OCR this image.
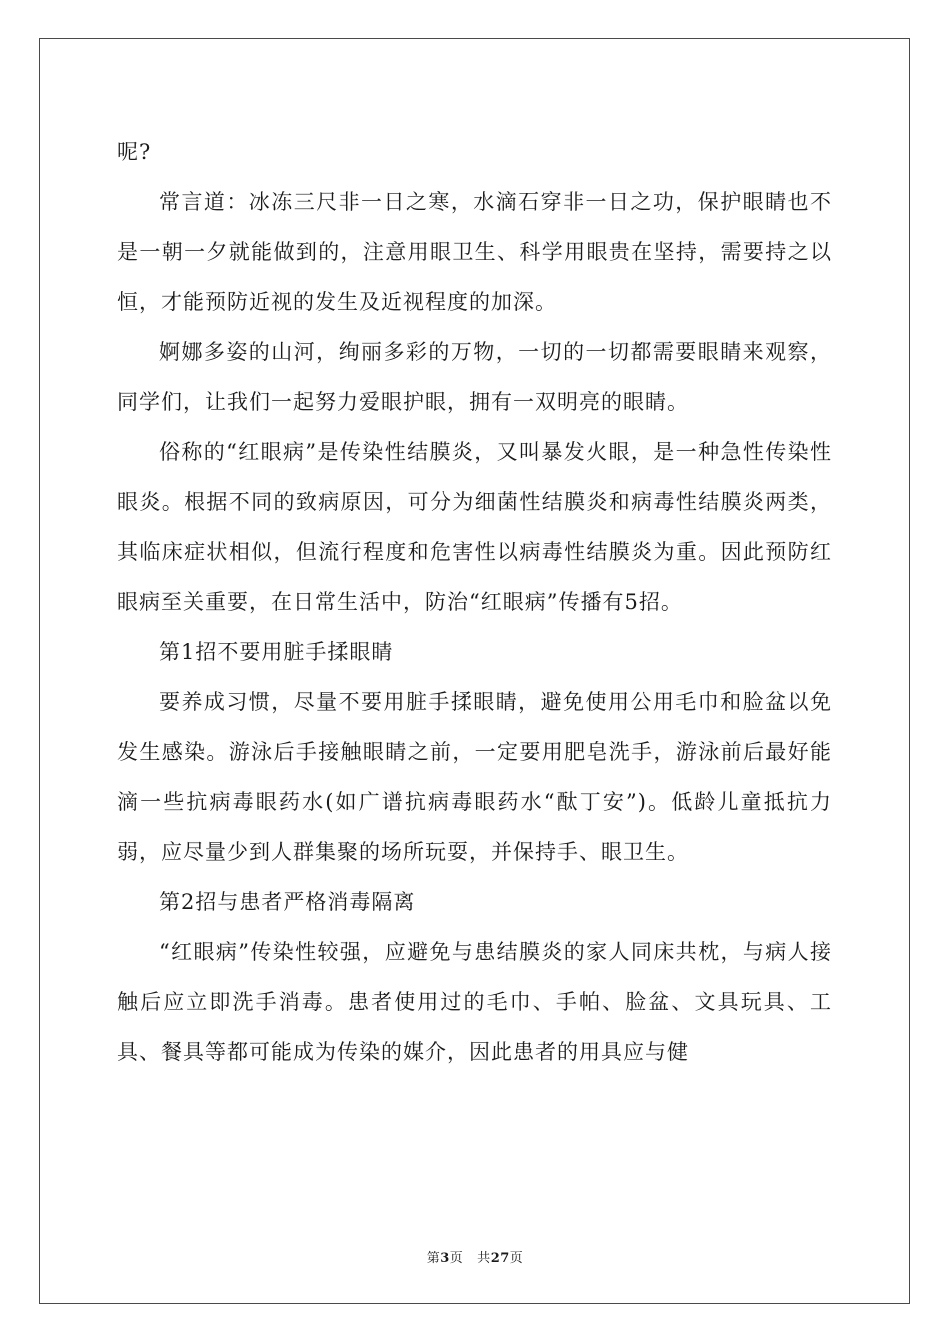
呢?

常言道：冰冻三尺非一日之寒，水滴石穿非一日之功，保护眼睛也不是一朝一夕就能做到的，注意用眼卫生、科学用眼贵在坚持，需要持之以恒，才能预防近视的发生及近视程度的加深。

婀娜多姿的山河，绚丽多彩的万物，一切的一切都需要眼睛来观察，同学们，让我们一起努力爱眼护眼，拥有一双明亮的眼睛。

俗称的“红眼病”是传染性结膜炎，又叫暴发火眼，是一种急性传染性眼炎。根据不同的致病原因，可分为细菌性结膜炎和病毒性结膜炎两类，其临床症状相似，但流行程度和危害性以病毒性结膜炎为重。因此预防红眼病至关重要，在日常生活中，防治“红眼病”传播有5招。

第1招不要用脏手揉眼睛

要养成习惯，尽量不要用脏手揉眼睛，避免使用公用毛巾和脸盆以免发生感染。游泳后手接触眼睛之前，一定要用肥皂洗手，游泳前后最好能滴一些抗病毒眼药水(如广谱抗病毒眼药水“酞丁安”)。低龄儿童抵抗力弱，应尽量少到人群集聚的场所玩耍，并保持手、眼卫生。

第2招与患者严格消毒隔离

“红眼病”传染性较强，应避免与患结膜炎的家人同床共枕，与病人接触后应立即洗手消毒。患者使用过的毛巾、手帕、脸盆、文具玩具、工具、餐具等都可能成为传染的媒介，因此患者的用具应与健

第3页 共27页
